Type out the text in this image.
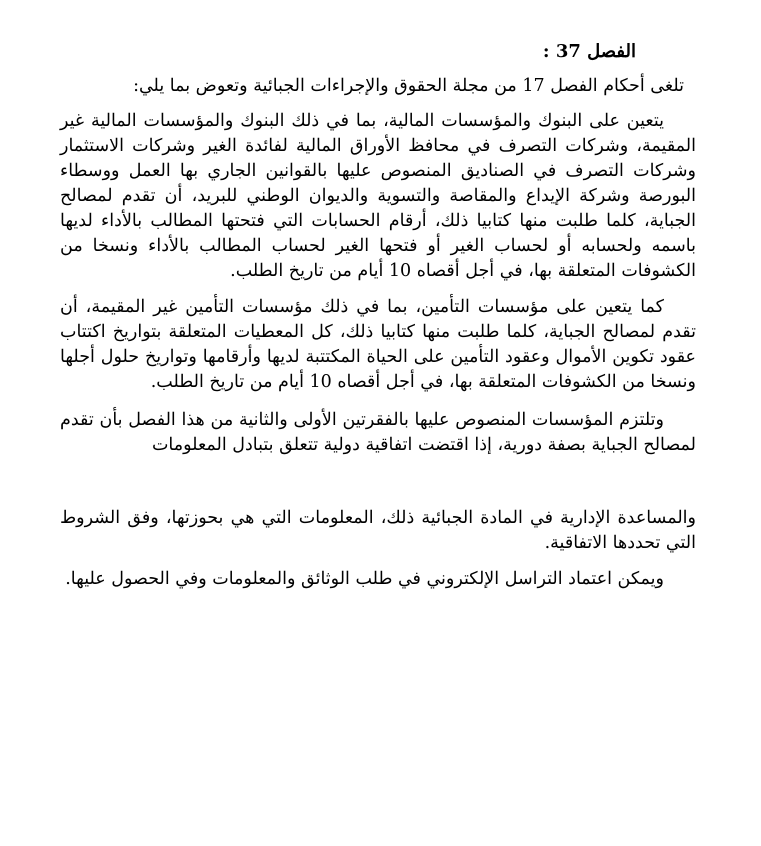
الفصل 37 :

تلغى أحكام الفصل 17 من مجلة الحقوق والإجراءات الجبائية وتعوض بما يلي:

يتعين على البنوك والمؤسسات المالية، بما في ذلك البنوك والمؤسسات المالية غير المقيمة، وشركات التصرف في محافظ الأوراق المالية لفائدة الغير وشركات الاستثمار وشركات التصرف في الصناديق المنصوص عليها بالقوانين الجاري بها العمل ووسطاء البورصة وشركة الإيداع والمقاصة والتسوية والديوان الوطني للبريد، أن تقدم لمصالح الجباية، كلما طلبت منها كتابيا ذلك، أرقام الحسابات التي فتحتها المطالب بالأداء لديها باسمه ولحسابه أو لحساب الغير أو فتحها الغير لحساب المطالب بالأداء ونسخا من الكشوفات المتعلقة بها، في أجل أقصاه 10 أيام من تاريخ الطلب.

كما يتعين على مؤسسات التأمين، بما في ذلك مؤسسات التأمين غير المقيمة، أن تقدم لمصالح الجباية، كلما طلبت منها كتابيا ذلك، كل المعطيات المتعلقة بتواريخ اكتتاب عقود تكوين الأموال وعقود التأمين على الحياة المكتتبة لديها وأرقامها وتواريخ حلول أجلها ونسخا من الكشوفات المتعلقة بها، في أجل أقصاه 10 أيام من تاريخ الطلب.

وتلتزم المؤسسات المنصوص عليها بالفقرتين الأولى والثانية من هذا الفصل بأن تقدم لمصالح الجباية بصفة دورية، إذا اقتضت اتفاقية دولية تتعلق بتبادل المعلومات

والمساعدة الإدارية في المادة الجبائية ذلك، المعلومات التي هي بحوزتها، وفق الشروط التي تحددها الاتفاقية.

ويمكن اعتماد التراسل الإلكتروني في طلب الوثائق والمعلومات وفي الحصول عليها.
